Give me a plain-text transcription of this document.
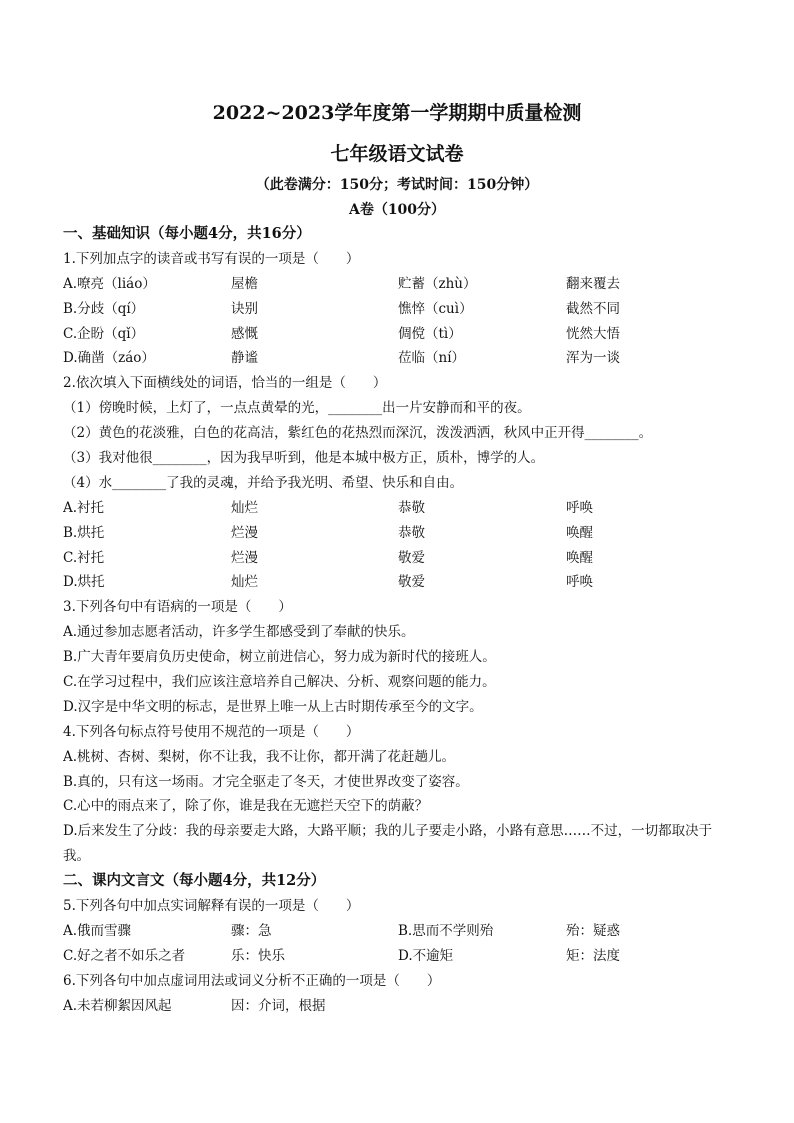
2022~2023学年度第一学期期中质量检测
七年级语文试卷
（此卷满分：150分；考试时间：150分钟）
A卷（100分）
一、基础知识（每小题4分，共16分）
1.下列加点字的读音或书写有误的一项是（　　）
A.嘹亮（liáo）	屋檐	贮蓄（zhù）	翻来覆去
B.分歧（qí）	诀别	憔悴（cuì）	截然不同
C.企盼（qǐ）	感慨	倜傥（tì）	恍然大悟
D.确凿（záo）	静谧	莅临（ní）	浑为一谈
2.依次填入下面横线处的词语，恰当的一组是（　　）
（1）傍晚时候，上灯了，一点点黄晕的光，________出一片安静而和平的夜。
（2）黄色的花淡雅，白色的花高洁，紫红色的花热烈而深沉，泼泼洒洒，秋风中正开得________。
（3）我对他很________，因为我早听到，他是本城中极方正，质朴，博学的人。
（4）水________了我的灵魂，并给予我光明、希望、快乐和自由。
A.衬托	灿烂	恭敬	呼唤
B.烘托	烂漫	恭敬	唤醒
C.衬托	烂漫	敬爱	唤醒
D.烘托	灿烂	敬爱	呼唤
3.下列各句中有语病的一项是（　　）
A.通过参加志愿者活动，许多学生都感受到了奉献的快乐。
B.广大青年要肩负历史使命，树立前进信心，努力成为新时代的接班人。
C.在学习过程中，我们应该注意培养自己解决、分析、观察问题的能力。
D.汉字是中华文明的标志，是世界上唯一从上古时期传承至今的文字。
4.下列各句标点符号使用不规范的一项是（　　）
A.桃树、杏树、梨树，你不让我，我不让你，都开满了花赶趟儿。
B.真的，只有这一场雨。才完全驱走了冬天，才使世界改变了姿容。
C.心中的雨点来了，除了你，谁是我在无遮拦天空下的荫蔽？
D.后来发生了分歧：我的母亲要走大路，大路平顺；我的儿子要走小路，小路有意思……不过，一切都取决于
我。
二、课内文言文（每小题4分，共12分）
5.下列各句中加点实词解释有误的一项是（　　）
A.俄而雪骤	骤：急	B.思而不学则殆	殆：疑惑
C.好之者不如乐之者	乐：快乐	D.不逾矩	矩：法度
6.下列各句中加点虚词用法或词义分析不正确的一项是（　　）
A.未若柳絮因风起	因：介词，根据
